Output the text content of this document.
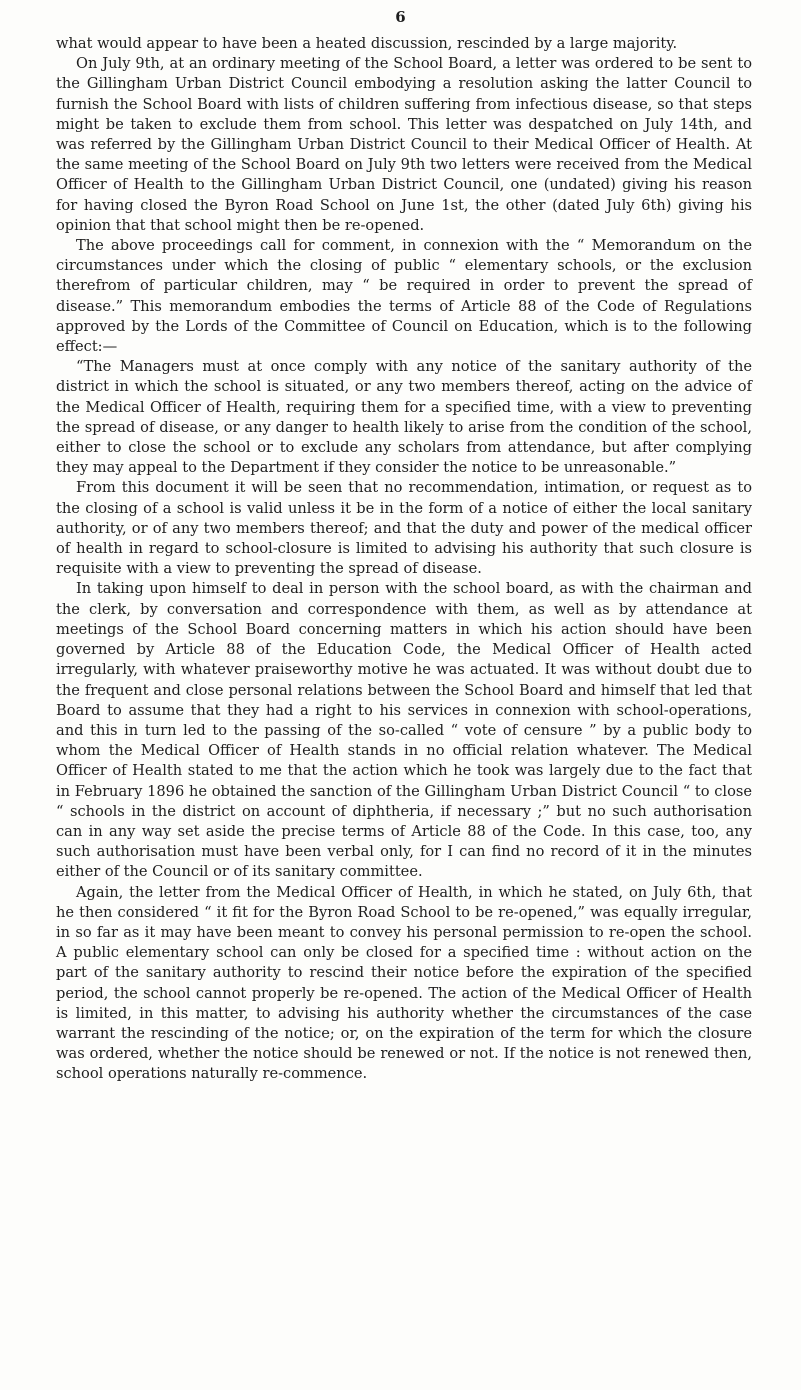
6

what would appear to have been a heated discussion, rescinded by a large majority.

On July 9th, at an ordinary meeting of the School Board, a letter was ordered to be sent to the Gillingham Urban District Council embodying a resolution asking the latter Council to furnish the School Board with lists of children suffering from infectious disease, so that steps might be taken to exclude them from school. This letter was despatched on July 14th, and was referred by the Gillingham Urban District Council to their Medical Officer of Health. At the same meeting of the School Board on July 9th two letters were received from the Medical Officer of Health to the Gillingham Urban District Council, one (undated) giving his reason for having closed the Byron Road School on June 1st, the other (dated July 6th) giving his opinion that that school might then be re-opened.

The above proceedings call for comment, in connexion with the “ Memorandum on the circumstances under which the closing of public “ elementary schools, or the exclusion therefrom of particular children, may “ be required in order to prevent the spread of disease.” This memorandum embodies the terms of Article 88 of the Code of Regulations approved by the Lords of the Committee of Council on Education, which is to the following effect:—

“The Managers must at once comply with any notice of the sanitary authority of the district in which the school is situated, or any two members thereof, acting on the advice of the Medical Officer of Health, requiring them for a specified time, with a view to preventing the spread of disease, or any danger to health likely to arise from the condition of the school, either to close the school or to exclude any scholars from attendance, but after complying they may appeal to the Department if they consider the notice to be unreasonable.”

From this document it will be seen that no recommendation, intimation, or request as to the closing of a school is valid unless it be in the form of a notice of either the local sanitary authority, or of any two members thereof; and that the duty and power of the medical officer of health in regard to school-closure is limited to advising his authority that such closure is requisite with a view to preventing the spread of disease.

In taking upon himself to deal in person with the school board, as with the chairman and the clerk, by conversation and correspondence with them, as well as by attendance at meetings of the School Board concerning matters in which his action should have been governed by Article 88 of the Education Code, the Medical Officer of Health acted irregularly, with whatever praiseworthy motive he was actuated. It was without doubt due to the frequent and close personal relations between the School Board and himself that led that Board to assume that they had a right to his services in connexion with school-operations, and this in turn led to the passing of the so-called “ vote of censure ” by a public body to whom the Medical Officer of Health stands in no official relation whatever. The Medical Officer of Health stated to me that the action which he took was largely due to the fact that in February 1896 he obtained the sanction of the Gillingham Urban District Council “ to close “ schools in the district on account of diphtheria, if necessary ;” but no such authorisation can in any way set aside the precise terms of Article 88 of the Code. In this case, too, any such authorisation must have been verbal only, for I can find no record of it in the minutes either of the Council or of its sanitary committee.

Again, the letter from the Medical Officer of Health, in which he stated, on July 6th, that he then considered “ it fit for the Byron Road School to be re-opened,” was equally irregular, in so far as it may have been meant to convey his personal permission to re-open the school. A public elementary school can only be closed for a specified time : without action on the part of the sanitary authority to rescind their notice before the expiration of the specified period, the school cannot properly be re-opened. The action of the Medical Officer of Health is limited, in this matter, to advising his authority whether the circumstances of the case warrant the rescinding of the notice; or, on the expiration of the term for which the closure was ordered, whether the notice should be renewed or not. If the notice is not renewed then, school operations naturally re-commence.
